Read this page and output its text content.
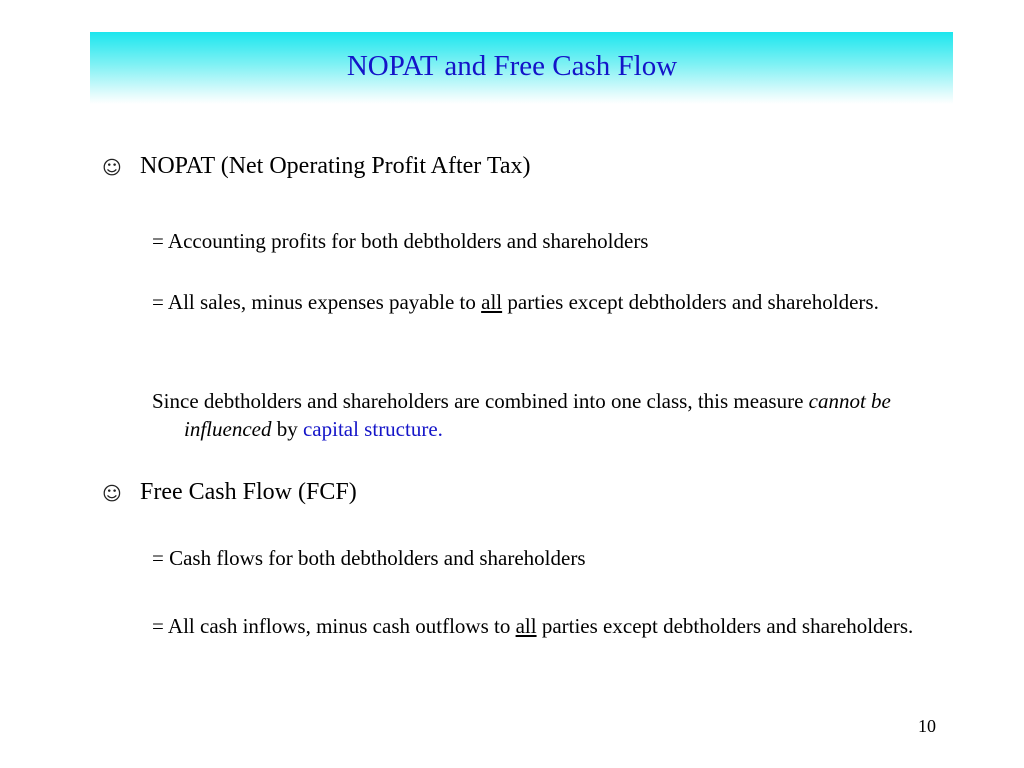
NOPAT and Free Cash Flow
☺ NOPAT (Net Operating Profit After Tax)
= Accounting profits for both debtholders and shareholders
= All sales, minus expenses payable to all parties except debtholders and shareholders.
Since debtholders and shareholders are combined into one class, this measure cannot be influenced by capital structure.
☺ Free Cash Flow (FCF)
= Cash flows for both debtholders and shareholders
= All cash inflows, minus cash outflows to all parties except debtholders and shareholders.
10
